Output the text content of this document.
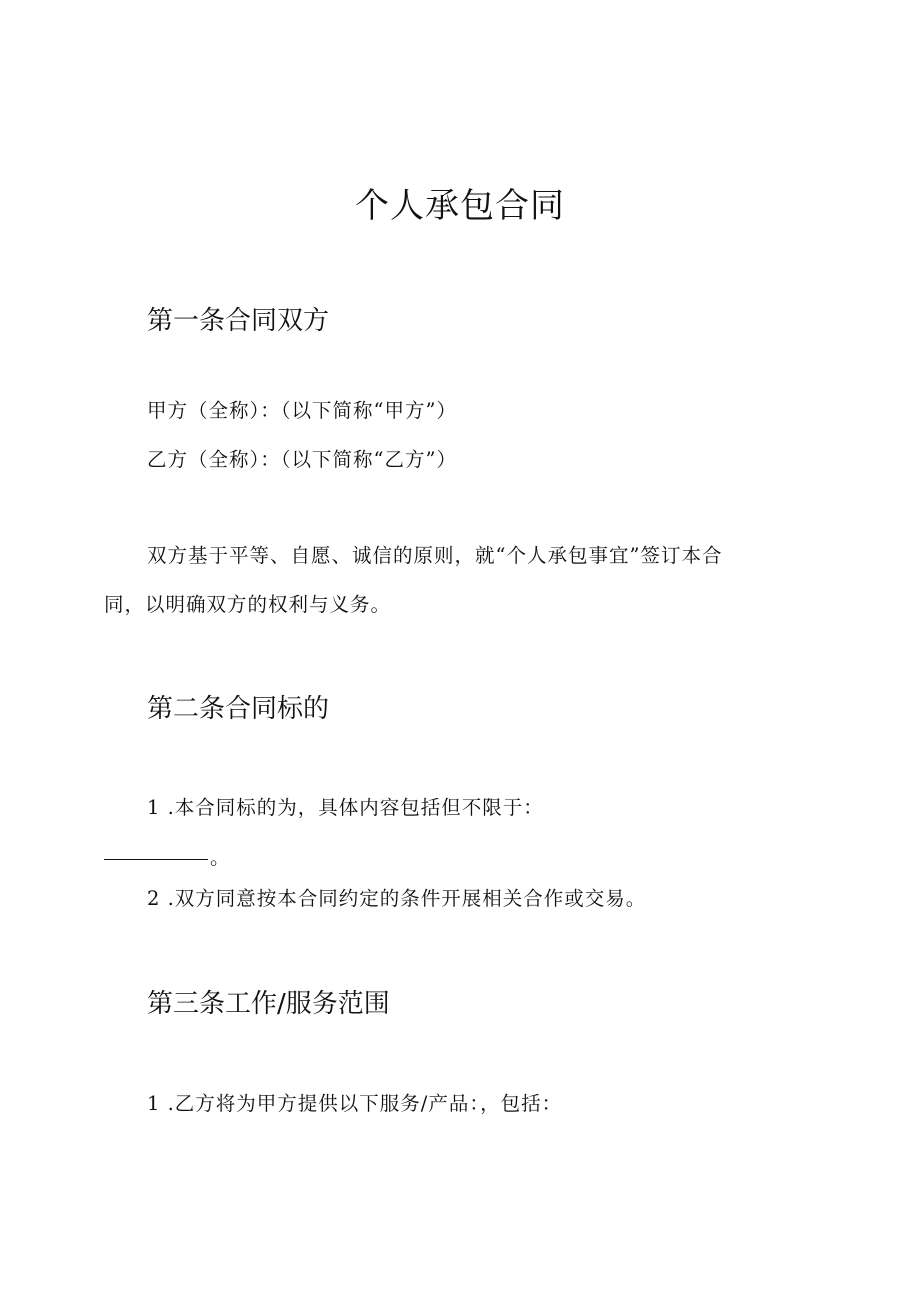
个人承包合同
第一条合同双方
甲方（全称）：（以下简称“甲方”）
乙方（全称）：（以下简称“乙方”）
双方基于平等、自愿、诚信的原则，就“个人承包事宜”签订本合
同，以明确双方的权利与义务。
第二条合同标的
1 .本合同标的为，具体内容包括但不限于：
。
2 .双方同意按本合同约定的条件开展相关合作或交易。
第三条工作/服务范围
1 .乙方将为甲方提供以下服务/产品：，包括：
